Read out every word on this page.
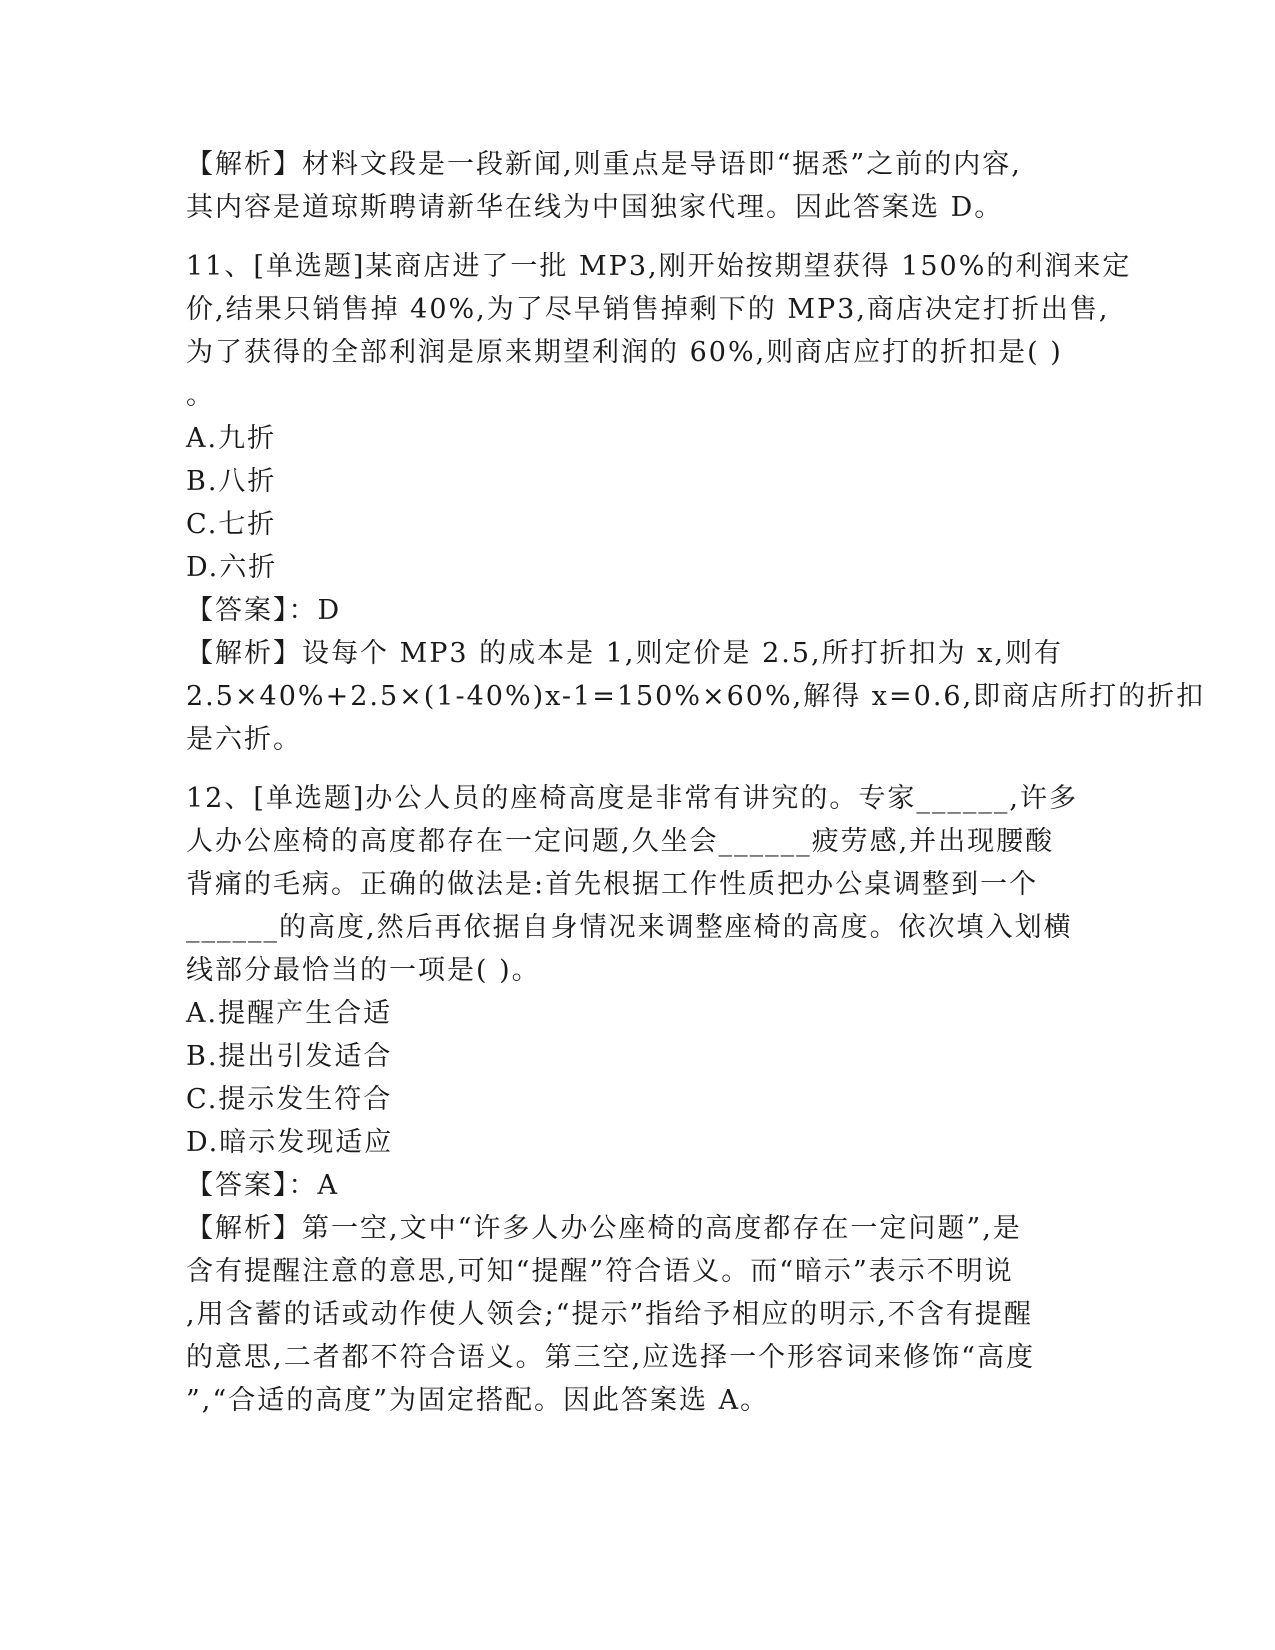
【解析】材料文段是一段新闻,则重点是导语即“据悉”之前的内容,
其内容是道琼斯聘请新华在线为中国独家代理。因此答案选 D。
11、[单选题]某商店进了一批 MP3,刚开始按期望获得 150%的利润来定
价,结果只销售掉 40%,为了尽早销售掉剩下的 MP3,商店决定打折出售,
为了获得的全部利润是原来期望利润的 60%,则商店应打的折扣是( )
。
A.九折
B.八折
C.七折
D.六折
【答案】：D
【解析】设每个 MP3 的成本是 1,则定价是 2.5,所打折扣为 x,则有
2.5×40%+2.5×(1-40%)x-1=150%×60%,解得 x=0.6,即商店所打的折扣
是六折。
12、[单选题]办公人员的座椅高度是非常有讲究的。专家______,许多
人办公座椅的高度都存在一定问题,久坐会______疲劳感,并出现腰酸
背痛的毛病。正确的做法是:首先根据工作性质把办公桌调整到一个
______的高度,然后再依据自身情况来调整座椅的高度。依次填入划横
线部分最恰当的一项是( )。
A.提醒产生合适
B.提出引发适合
C.提示发生符合
D.暗示发现适应
【答案】：A
【解析】第一空,文中“许多人办公座椅的高度都存在一定问题”,是
含有提醒注意的意思,可知“提醒”符合语义。而“暗示”表示不明说
,用含蓄的话或动作使人领会;“提示”指给予相应的明示,不含有提醒
的意思,二者都不符合语义。第三空,应选择一个形容词来修饰“高度
”,“合适的高度”为固定搭配。因此答案选 A。
